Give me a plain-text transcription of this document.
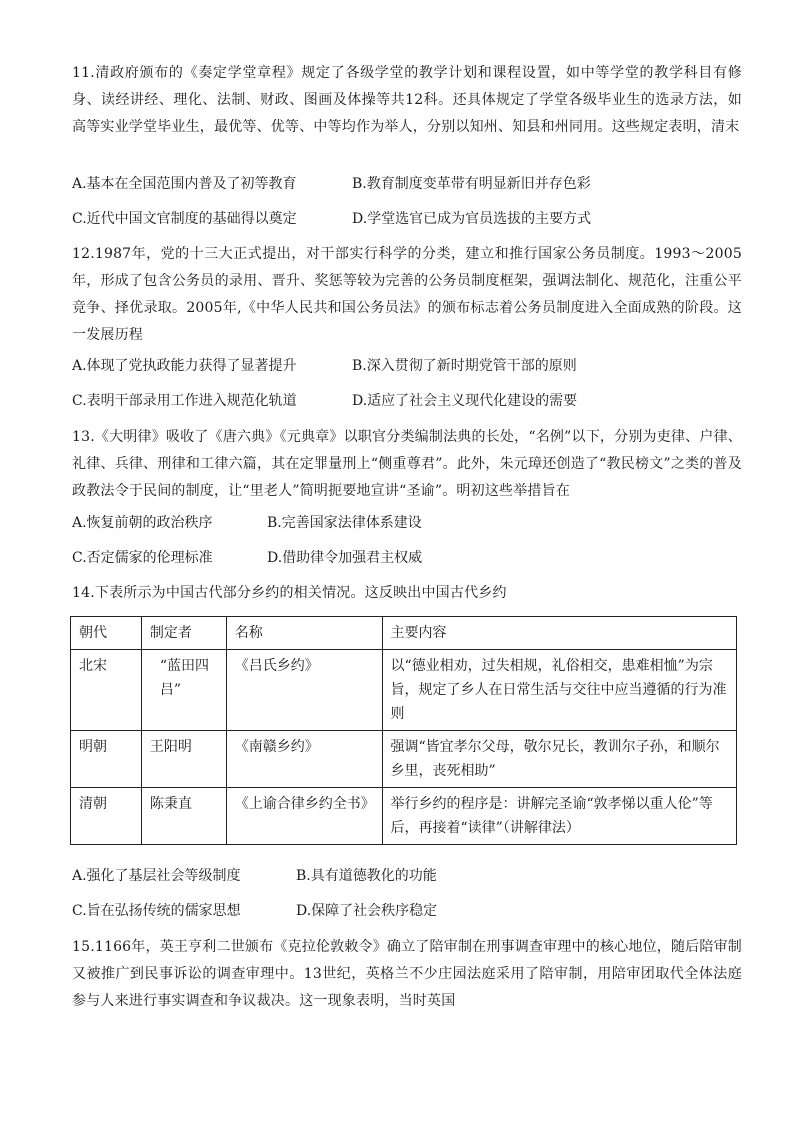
11.清政府颁布的《奏定学堂章程》规定了各级学堂的教学计划和课程设置，如中等学堂的教学科目有修身、读经讲经、理化、法制、财政、图画及体操等共12科。还具体规定了学堂各级毕业生的选录方法，如高等实业学堂毕业生，最优等、优等、中等均作为举人，分别以知州、知县和州同用。这些规定表明，清末
A.基本在全国范围内普及了初等教育	B.教育制度变革带有明显新旧并存色彩
C.近代中国文官制度的基础得以奠定	D.学堂选官已成为官员选拔的主要方式
12.1987年，党的十三大正式提出，对干部实行科学的分类，建立和推行国家公务员制度。1993～2005年，形成了包含公务员的录用、晋升、奖惩等较为完善的公务员制度框架，强调法制化、规范化，注重公平竞争、择优录取。2005年,《中华人民共和国公务员法》的颁布标志着公务员制度进入全面成熟的阶段。这一发展历程
A.体现了党执政能力获得了显著提升	B.深入贯彻了新时期党管干部的原则
C.表明干部录用工作进入规范化轨道	D.适应了社会主义现代化建设的需要
13.《大明律》吸收了《唐六典》《元典章》以职官分类编制法典的长处，“名例”以下，分别为吏律、户律、礼律、兵律、刑律和工律六篇，其在定罪量刑上“侧重尊君”。此外，朱元璋还创造了“教民榜文”之类的普及政教法令于民间的制度，让“里老人”简明扼要地宣讲“圣谕”。明初这些举措旨在
A.恢复前朝的政治秩序	B.完善国家法律体系建设
C.否定儒家的伦理标准	D.借助律令加强君主权威
14.下表所示为中国古代部分乡约的相关情况。这反映出中国古代乡约
朝代	制定者	名称	主要内容
北宋	“蓝田四吕”	《吕氏乡约》	以“德业相劝，过失相规，礼俗相交，患难相恤”为宗旨，规定了乡人在日常生活与交往中应当遵循的行为准则
明朝	王阳明	《南赣乡约》	强调“皆宜孝尔父母，敬尔兄长，教训尔子孙，和顺尔乡里，丧死相助”
清朝	陈秉直	《上谕合律乡约全书》	举行乡约的程序是：讲解完圣谕“敦孝悌以重人伦”等后，再接着“读律”（讲解律法）
A.强化了基层社会等级制度	B.具有道德教化的功能
C.旨在弘扬传统的儒家思想	D.保障了社会秩序稳定
15.1166年，英王亨利二世颁布《克拉伦敦敕令》确立了陪审制在刑事调查审理中的核心地位，随后陪审制又被推广到民事诉讼的调查审理中。13世纪，英格兰不少庄园法庭采用了陪审制，用陪审团取代全体法庭参与人来进行事实调查和争议裁决。这一现象表明，当时英国
